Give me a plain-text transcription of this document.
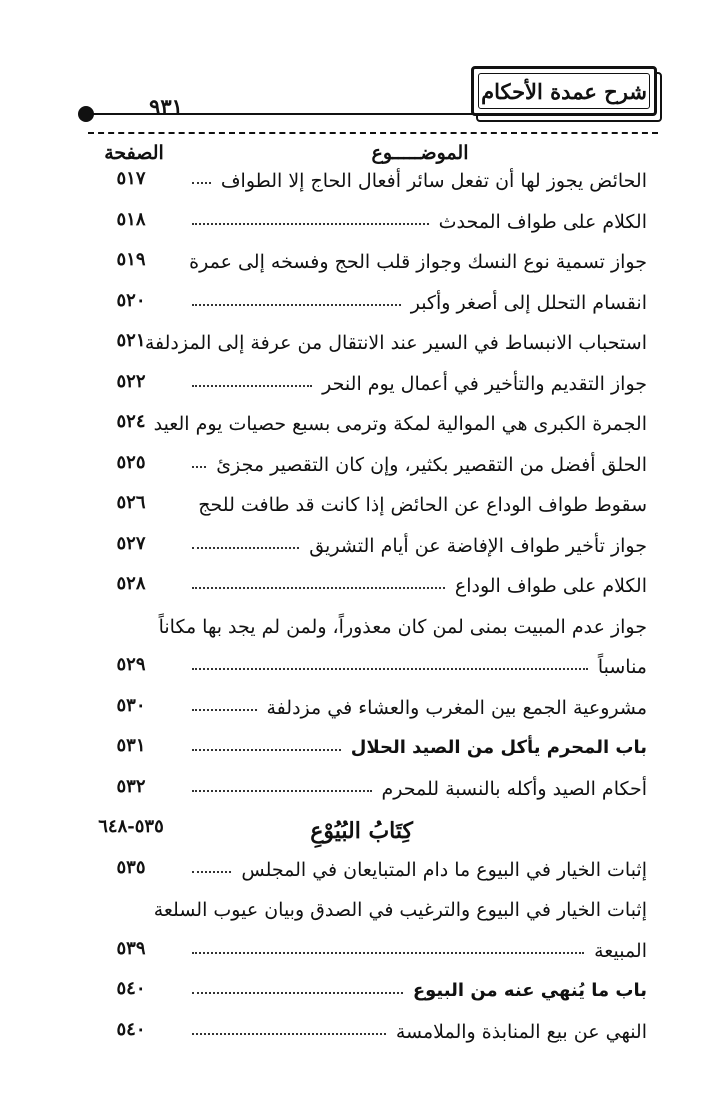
شرح عمدة الأحكام
٩٣١
الموضـــــوع
الصفحة
الحائض يجوز لها أن تفعل سائر أفعال الحاج إلا الطواف
٥١٧
الكلام على طواف المحدث
٥١٨
جواز تسمية نوع النسك وجواز قلب الحج وفسخه إلى عمرة
٥١٩
انقسام التحلل إلى أصغر وأكبر
٥٢٠
استحباب الانبساط في السير عند الانتقال من عرفة إلى المزدلفة
٥٢١
جواز التقديم والتأخير في أعمال يوم النحر
٥٢٢
الجمرة الكبرى هي الموالية لمكة وترمى بسبع حصيات يوم العيد
٥٢٤
الحلق أفضل من التقصير بكثير، وإن كان التقصير مجزئ
٥٢٥
سقوط طواف الوداع عن الحائض إذا كانت قد طافت للحج
٥٢٦
جواز تأخير طواف الإفاضة عن أيام التشريق
٥٢٧
الكلام على طواف الوداع
٥٢٨
جواز عدم المبيت بمنى لمن كان معذوراً، ولمن لم يجد بها مكاناً
مناسباً
٥٢٩
مشروعية الجمع بين المغرب والعشاء في مزدلفة
٥٣٠
باب المحرم يأكل من الصيد الحلال
٥٣١
أحكام الصيد وأكله بالنسبة للمحرم
٥٣٢
كِتَابُ البُيُوْعِ
٥٣٥-٦٤٨
إثبات الخيار في البيوع ما دام المتبايعان في المجلس
٥٣٥
إثبات الخيار في البيوع والترغيب في الصدق وبيان عيوب السلعة
المبيعة
٥٣٩
باب ما يُنهي عنه من البيوع
٥٤٠
النهي عن بيع المنابذة والملامسة
٥٤٠
